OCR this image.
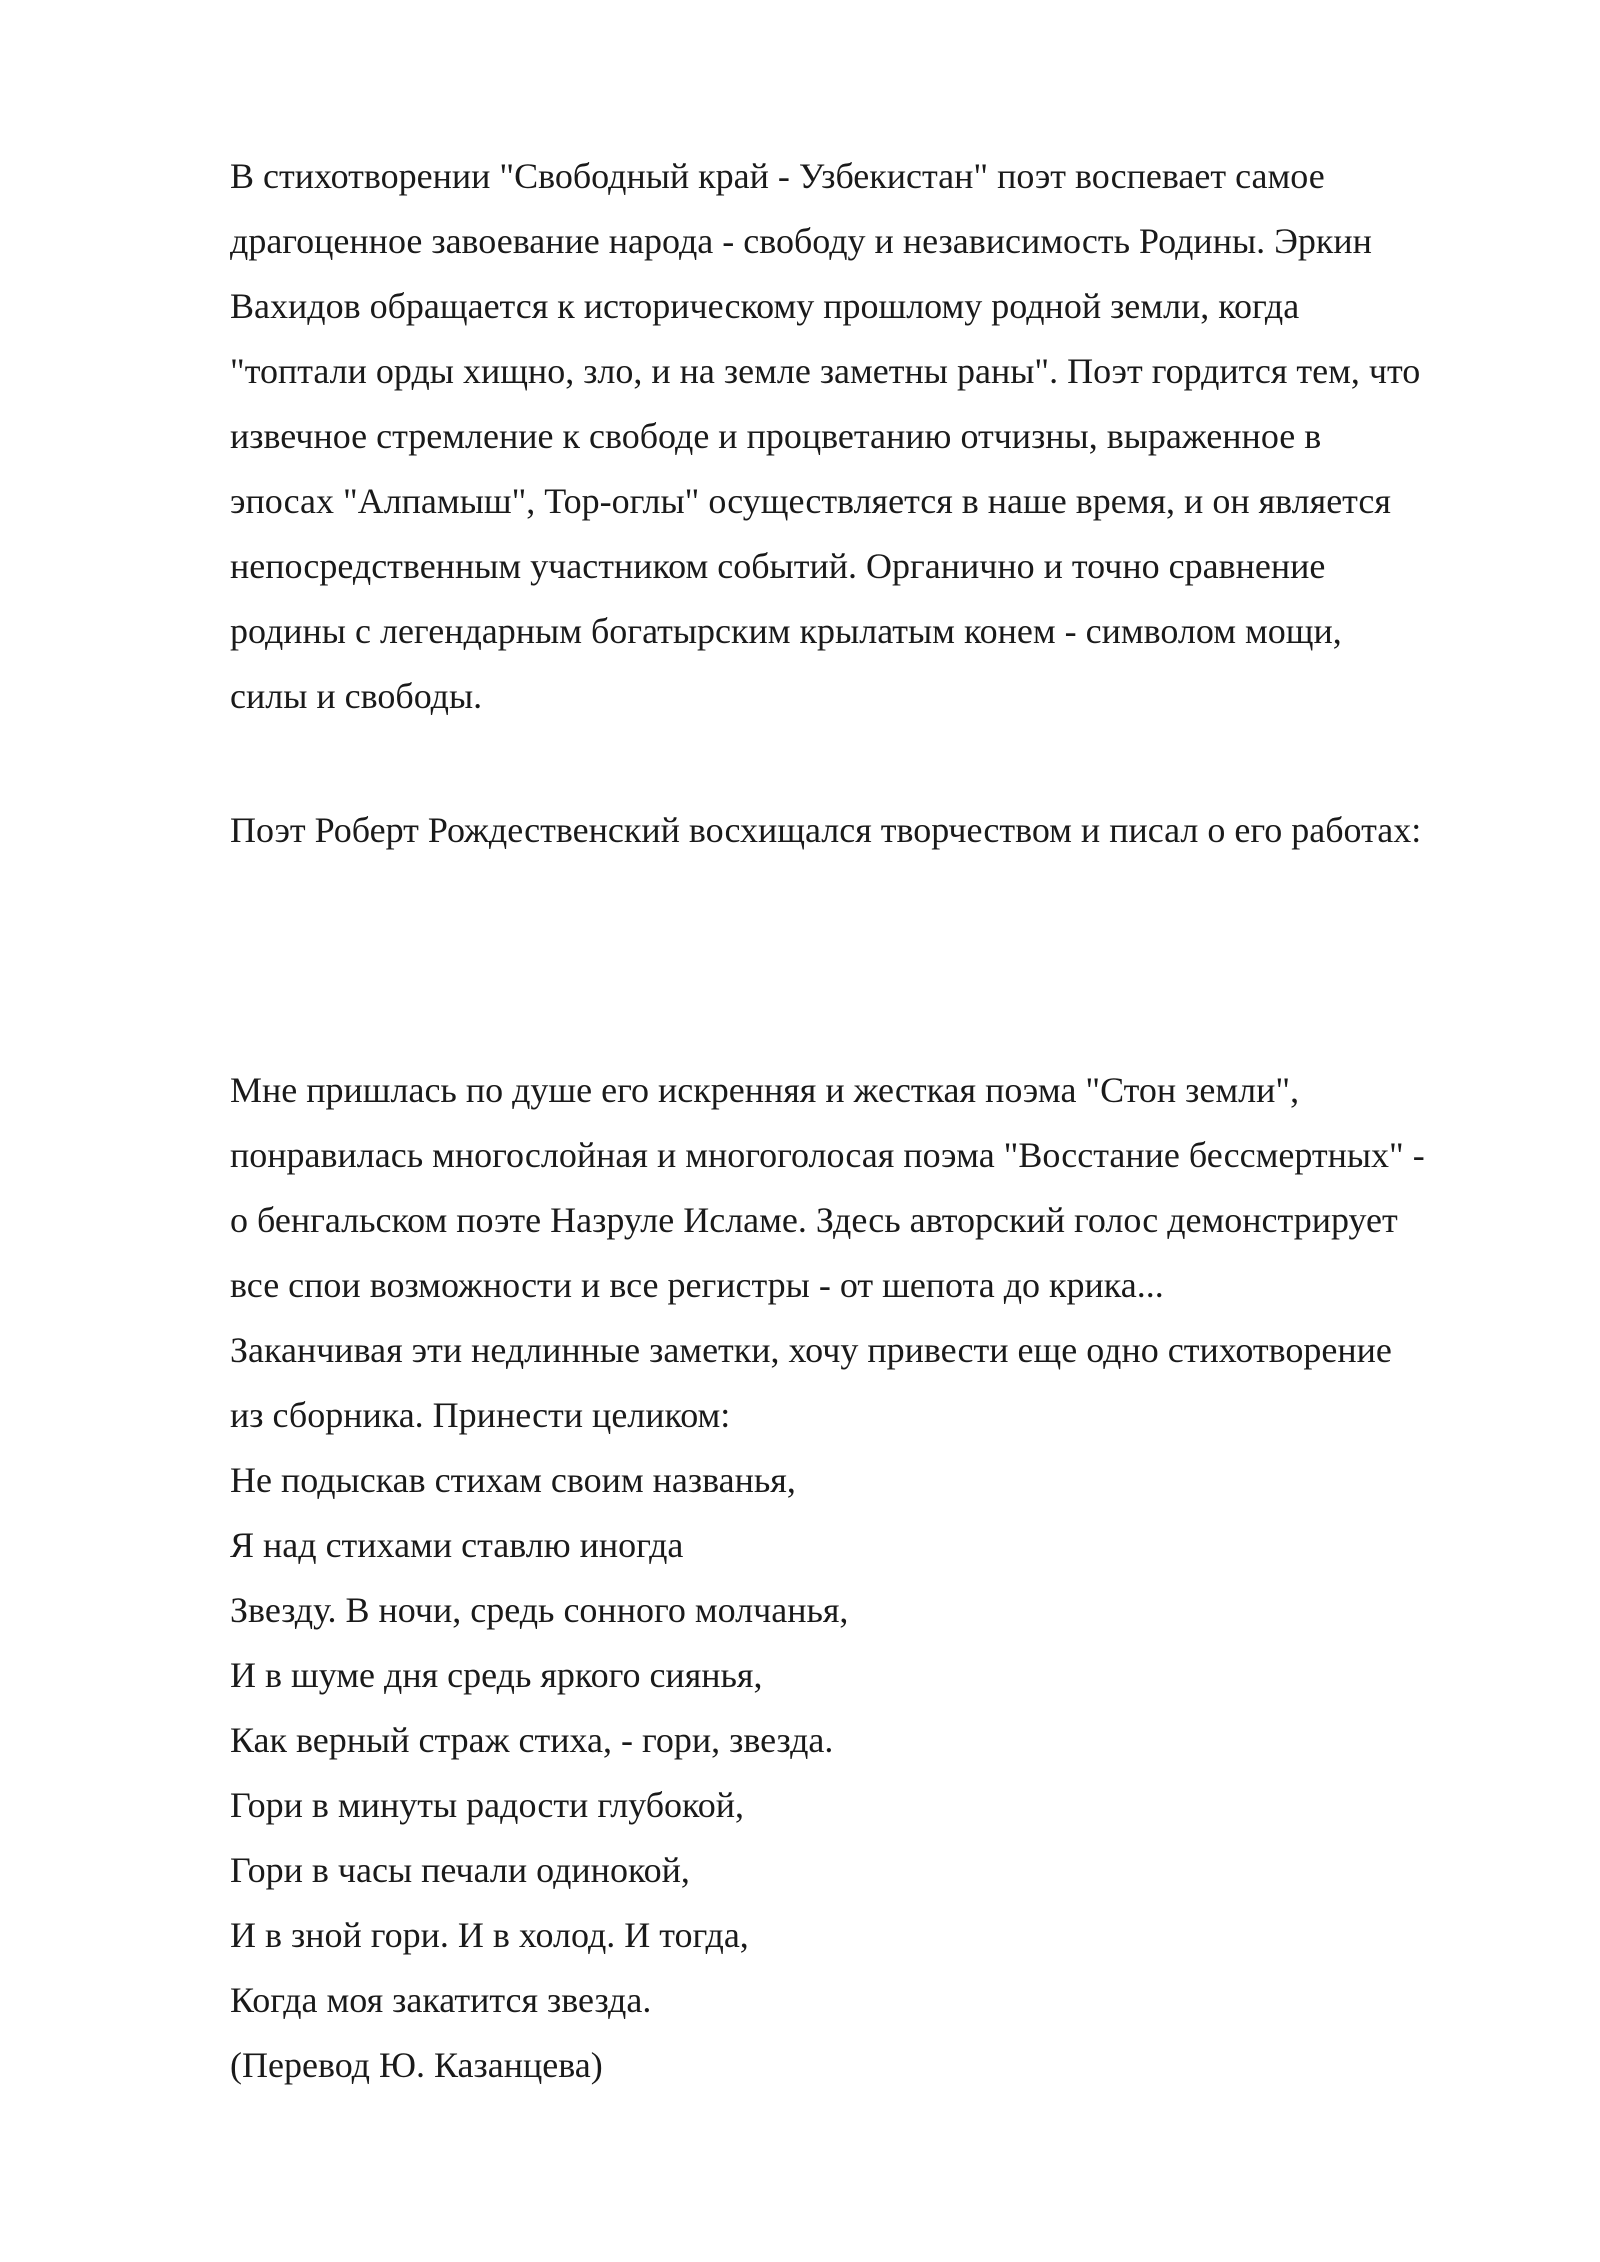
В стихотворении "Свободный край - Узбекистан" поэт воспевает самое
драгоценное завоевание народа - свободу и независимость Родины. Эркин
Вахидов обращается к историческому прошлому родной земли, когда
"топтали орды хищно, зло, и на земле заметны раны". Поэт гордится тем, что
извечное стремление к свободе и процветанию отчизны, выраженное в
эпосах "Алпамыш", Тор-оглы" осуществляется в наше время, и он является
непосредственным участником событий. Органично и точно сравнение
родины с легендарным богатырским крылатым конем - символом мощи,
силы и свободы.
Поэт Роберт Рождественский восхищался творчеством и писал о его работах:
Мне пришлась по душе его искренняя и жесткая поэма "Стон земли",
понравилась многослойная и многоголосая поэма "Восстание бессмертных" -
о бенгальском поэте Назруле Исламе. Здесь авторский голос демонстрирует
все спои возможности и все регистры - от шепота до крика...
Заканчивая эти недлинные заметки, хочу привести еще одно стихотворение
из сборника. Принести целиком:
Не подыскав стихам своим названья,
Я над стихами ставлю иногда
Звезду. В ночи, средь сонного молчанья,
И в шуме дня средь яркого сиянья,
Как верный страж стиха, - гори, звезда.
Гори в минуты радости глубокой,
Гори в часы печали одинокой,
И в зной гори. И в холод. И тогда,
Когда моя закатится звезда.
(Перевод Ю. Казанцева)
